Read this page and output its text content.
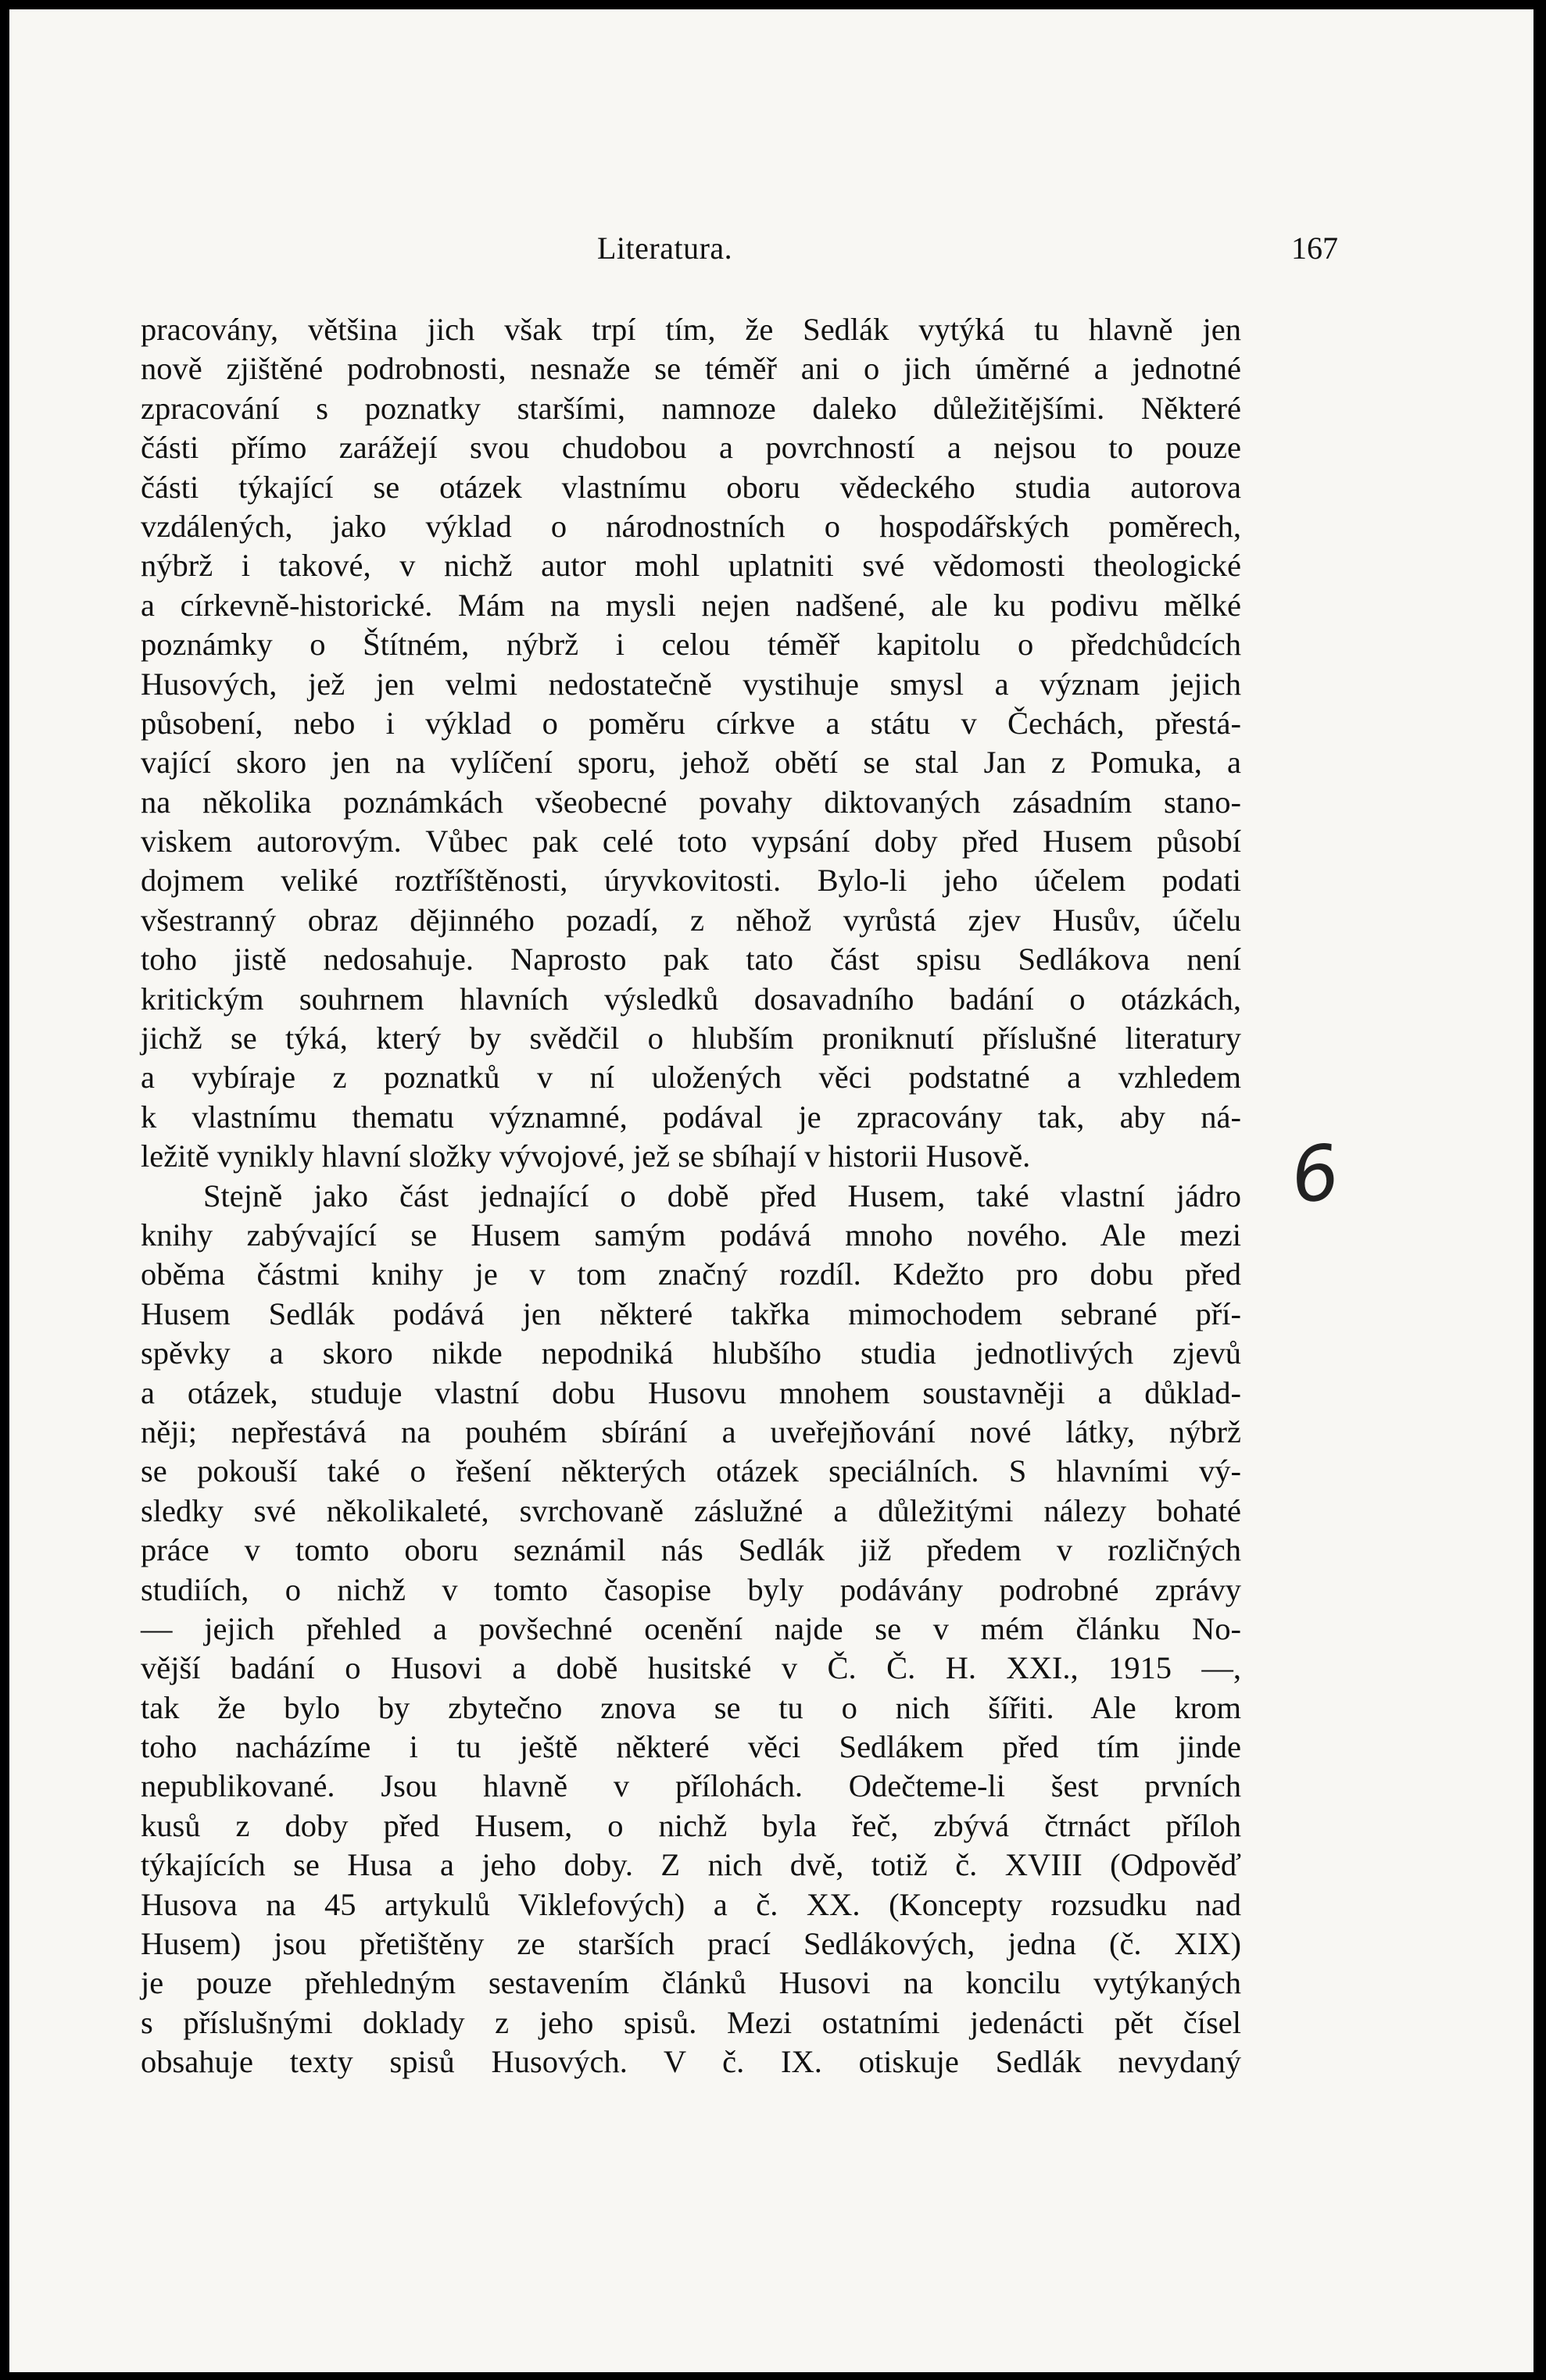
Literatura.	167
pracovány, většina jich však trpí tím, že Sedlák vytýká tu hlavně jen
nově zjištěné podrobnosti, nesnaže se téměř ani o jich úměrné a jednotné
zpracování s poznatky staršími, namnoze daleko důležitějšími. Některé
části přímo zarážejí svou chudobou a povrchností a nejsou to pouze
části týkající se otázek vlastnímu oboru vědeckého studia autorova
vzdálených, jako výklad o národnostních o hospodářských poměrech,
nýbrž i takové, v nichž autor mohl uplatniti své vědomosti theologické
a církevně-historické. Mám na mysli nejen nadšené, ale ku podivu mělké
poznámky o Štítném, nýbrž i celou téměř kapitolu o předchůdcích
Husových, jež jen velmi nedostatečně vystihuje smysl a význam jejich
působení, nebo i výklad o poměru církve a státu v Čechách, přestá-
vající skoro jen na vylíčení sporu, jehož obětí se stal Jan z Pomuka, a
na několika poznámkách všeobecné povahy diktovaných zásadním stano-
viskem autorovým. Vůbec pak celé toto vypsání doby před Husem působí
dojmem veliké roztříštěnosti, úryvkovitosti. Bylo-li jeho účelem podati
všestranný obraz dějinného pozadí, z něhož vyrůstá zjev Husův, účelu
toho jistě nedosahuje. Naprosto pak tato část spisu Sedlákova není
kritickým souhrnem hlavních výsledků dosavadního badání o otázkách,
jichž se týká, který by svědčil o hlubším proniknutí příslušné literatury
a vybíraje z poznatků v ní uložených věci podstatné a vzhledem
k vlastnímu thematu významné, podával je zpracovány tak, aby ná-
ležitě vynikly hlavní složky vývojové, jež se sbíhají v historii Husově.
Stejně jako část jednající o době před Husem, také vlastní jádro
knihy zabývající se Husem samým podává mnoho nového. Ale mezi
oběma částmi knihy je v tom značný rozdíl. Kdežto pro dobu před
Husem Sedlák podává jen některé takřka mimochodem sebrané pří-
spěvky a skoro nikde nepodniká hlubšího studia jednotlivých zjevů
a otázek, studuje vlastní dobu Husovu mnohem soustavněji a důklad-
něji; nepřestává na pouhém sbírání a uveřejňování nové látky, nýbrž
se pokouší také o řešení některých otázek speciálních. S hlavními vý-
sledky své několikaleté, svrchovaně záslužné a důležitými nálezy bohaté
práce v tomto oboru seznámil nás Sedlák již předem v rozličných
studiích, o nichž v tomto časopise byly podávány podrobné zprávy
— jejich přehled a povšechné ocenění najde se v mém článku No-
vější badání o Husovi a době husitské v Č. Č. H. XXI., 1915 —,
tak že bylo by zbytečno znova se tu o nich šířiti. Ale krom
toho nacházíme i tu ještě některé věci Sedlákem před tím jinde
nepublikované. Jsou hlavně v přílohách. Odečteme-li šest prvních
kusů z doby před Husem, o nichž byla řeč, zbývá čtrnáct příloh
týkajících se Husa a jeho doby. Z nich dvě, totiž č. XVIII (Odpověď
Husova na 45 artykulů Viklefových) a č. XX. (Koncepty rozsudku nad
Husem) jsou přetištěny ze starších prací Sedlákových, jedna (č. XIX)
je pouze přehledným sestavením článků Husovi na koncilu vytýkaných
s příslušnými doklady z jeho spisů. Mezi ostatními jedenácti pět čísel
obsahuje texty spisů Husových. V č. IX. otiskuje Sedlák nevydaný
6
